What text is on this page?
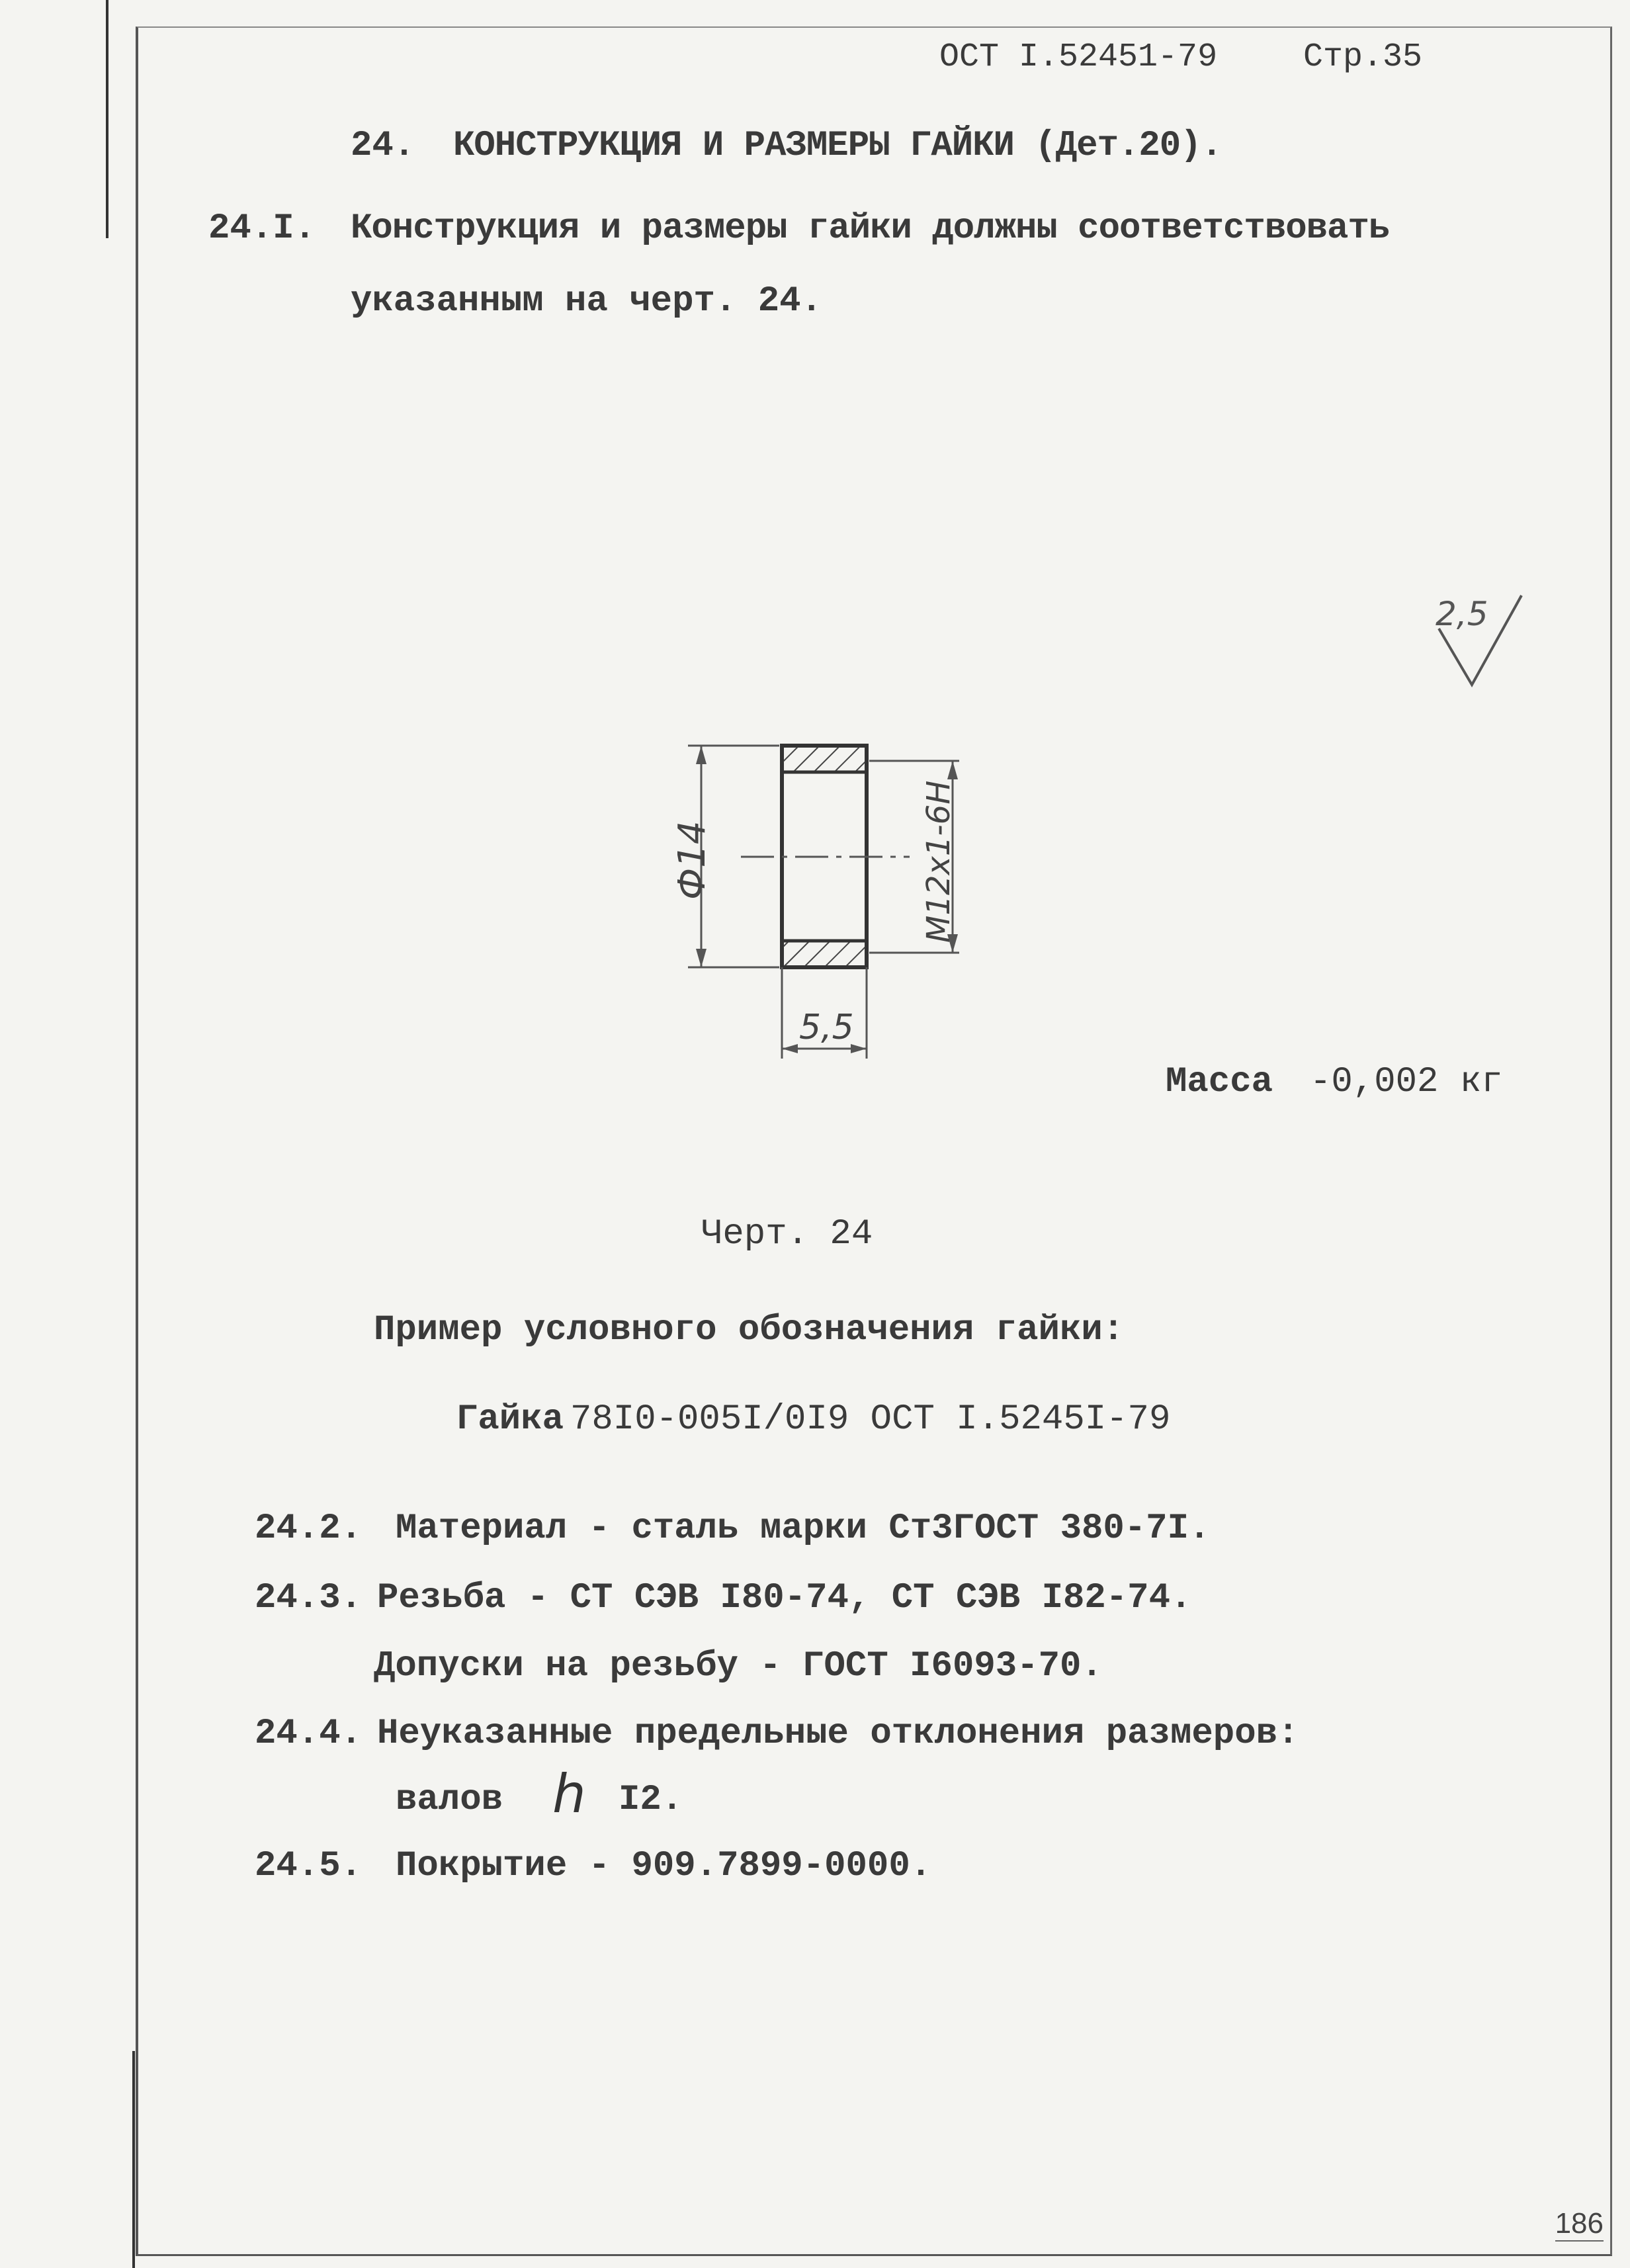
ОСТ I.52451-79	Стр.35
24. КОНСТРУКЦИЯ И РАЗМЕРЫ ГАЙКИ (Дет.20).
24.I. Конструкция и размеры гайки должны соответствовать
указанным на черт. 24.
2,5
Ф14	M12x1-6H
5,5
Масса -0,002 кг
Черт. 24
Пример условного обозначения гайки:
Гайка 78I0-005I/0I9 ОСТ I.5245I-79
24.2. Материал - сталь марки Ст3ГОСТ 380-7I.
24.3. Резьба - СТ СЭВ I80-74, СТ СЭВ I82-74.
Допуски на резьбу - ГОСТ I6093-70.
24.4. Неуказанные предельные отклонения размеров:
валов h I2.
24.5. Покрытие - 909.7899-0000.
186
